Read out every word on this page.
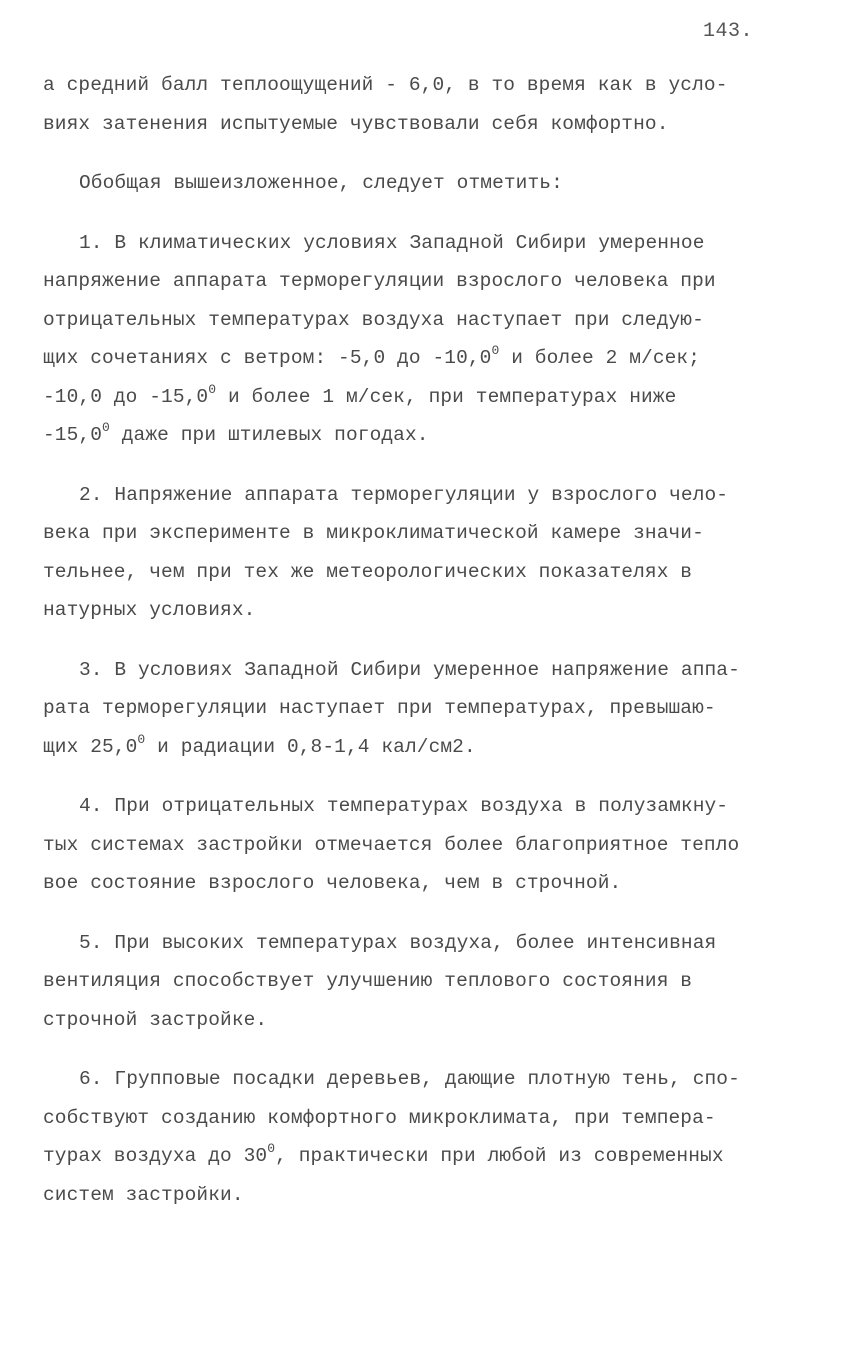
143.
а средний балл теплоощущений - 6,0, в то время как в усло-
виях затенения испытуемые чувствовали себя комфортно.
Обобщая вышеизложенное, следует отметить:
1. В климатических условиях Западной Сибири умеренное
напряжение аппарата терморегуляции взрослого человека при
отрицательных температурах воздуха наступает при следую-
щих сочетаниях с ветром: -5,0 до -10,0$^0$ и более 2 м/сек;
-10,0 до -15,0$^0$ и более 1 м/сек, при температурах ниже
-15,0$^0$ даже при штилевых погодах.
2. Напряжение аппарата терморегуляции у взрослого чело-
века при эксперименте в микроклиматической камере значи-
тельнее, чем при тех же метеорологических показателях в
натурных условиях.
3. В условиях Западной Сибири умеренное напряжение аппа-
рата терморегуляции наступает при температурах, превышаю-
щих 25,0$^0$ и радиации 0,8-1,4 кал/см2.
4. При отрицательных температурах воздуха в полузамкну-
тых системах застройки отмечается более благоприятное тепло
вое состояние взрослого человека, чем в строчной.
5. При высоких температурах воздуха, более интенсивная
вентиляция способствует улучшению теплового состояния в
строчной застройке.
6. Групповые посадки деревьев, дающие плотную тень, спо-
собствуют созданию комфортного микроклимата, при темпера-
турах воздуха до $30^0$, практически при любой из современных
систем застройки.
